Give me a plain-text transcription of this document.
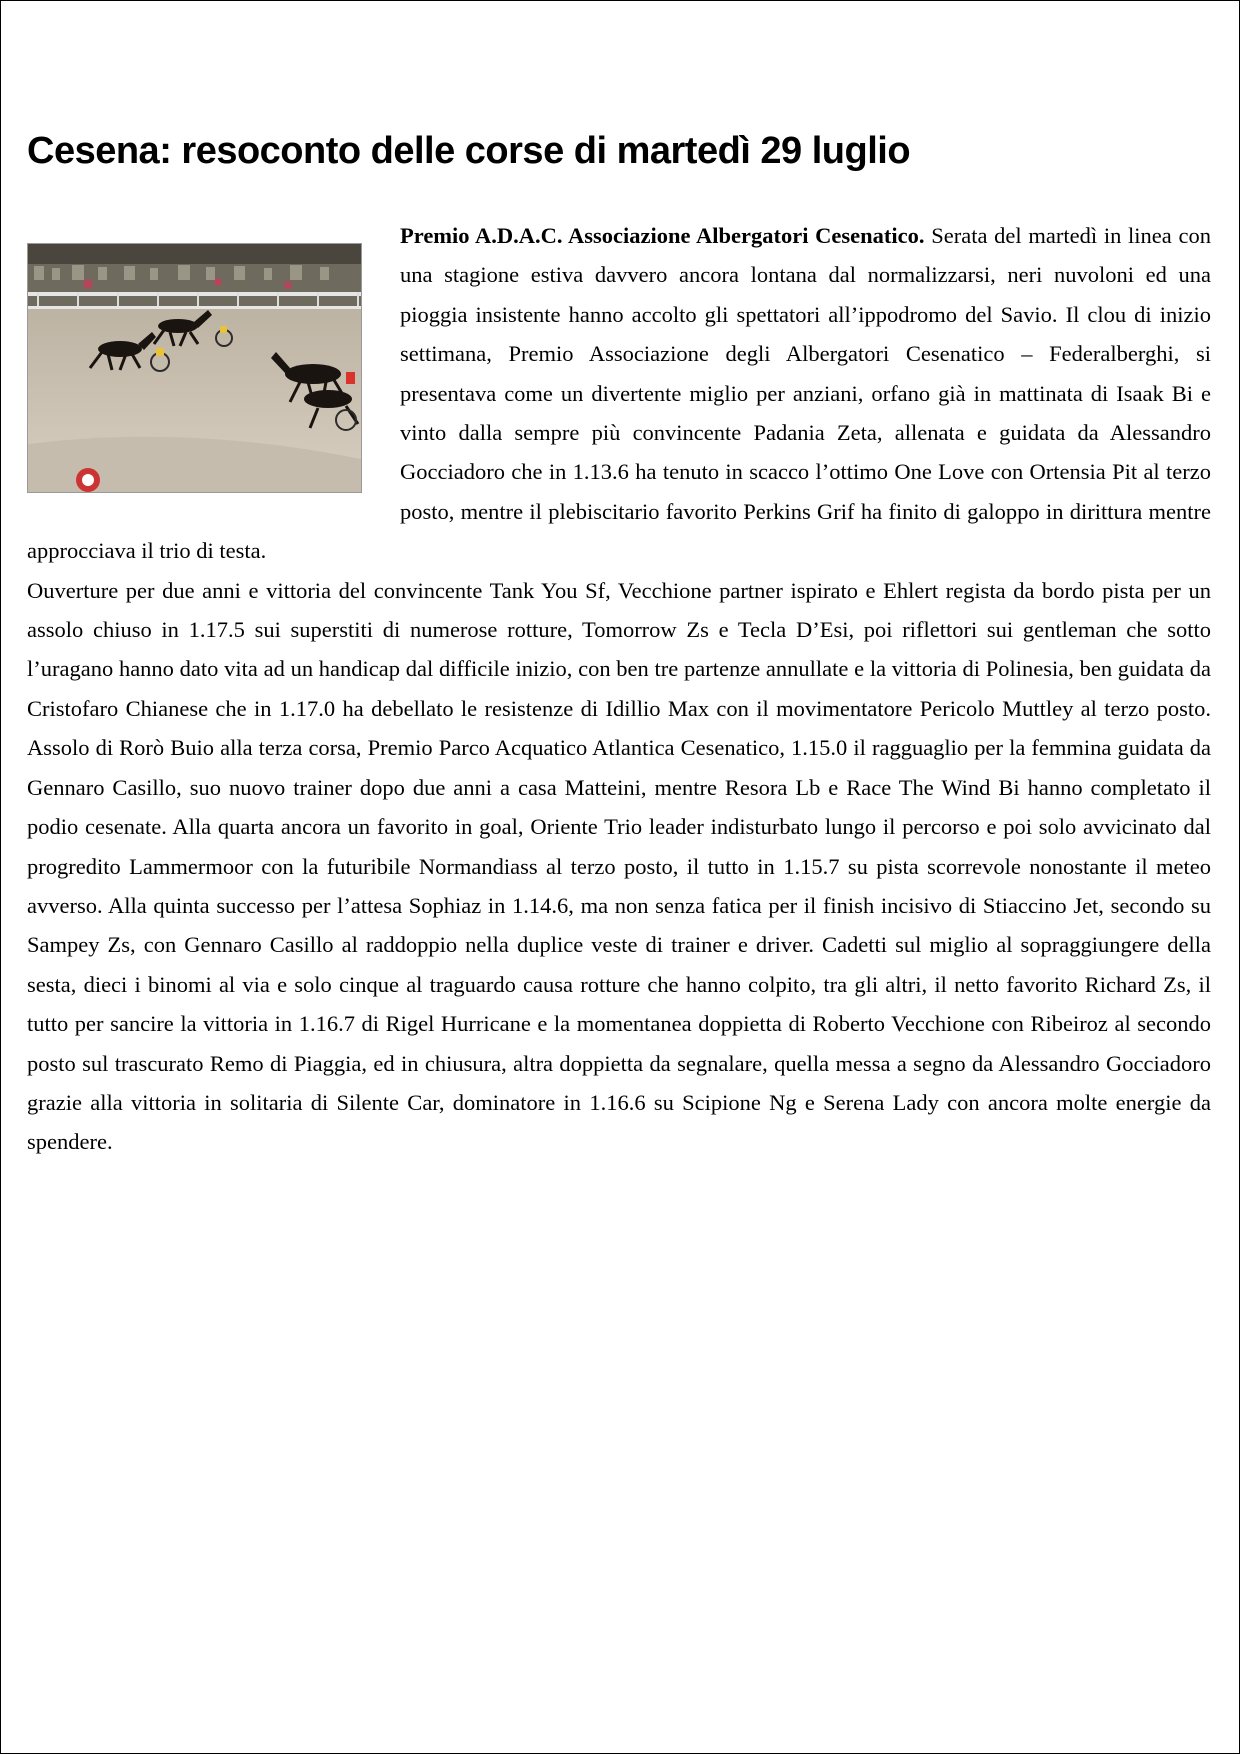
Cesena: resoconto delle corse di martedì 29 luglio

Premio A.D.A.C. Associazione Albergatori Cesenatico. Serata del martedì in linea con una stagione estiva davvero ancora lontana dal normalizzarsi, neri nuvoloni ed una pioggia insistente hanno accolto gli spettatori all’ippodromo del Savio. Il clou di inizio settimana, Premio Associazione degli Albergatori Cesenatico – Federalberghi, si presentava come un divertente miglio per anziani, orfano già in mattinata di Isaak Bi e vinto dalla sempre più convincente Padania Zeta, allenata e guidata da Alessandro Gocciadoro che in 1.13.6 ha tenuto in scacco l’ottimo One Love con Ortensia Pit al terzo posto, mentre il plebiscitario favorito Perkins Grif ha finito di galoppo in dirittura mentre approcciava il trio di testa.

Ouverture per due anni e vittoria del convincente Tank You Sf, Vecchione partner ispirato e Ehlert regista da bordo pista per un assolo chiuso in 1.17.5 sui superstiti di numerose rotture, Tomorrow Zs e Tecla D’Esi, poi riflettori sui gentleman che sotto l’uragano hanno dato vita ad un handicap dal difficile inizio, con ben tre partenze annullate e la vittoria di Polinesia, ben guidata da Cristofaro Chianese che in 1.17.0 ha debellato le resistenze di Idillio Max con il movimentatore Pericolo Muttley al terzo posto. Assolo di Rorò Buio alla terza corsa, Premio Parco Acquatico Atlantica Cesenatico, 1.15.0 il ragguaglio per la femmina guidata da Gennaro Casillo, suo nuovo trainer dopo due anni a casa Matteini, mentre Resora Lb e Race The Wind Bi hanno completato il podio cesenate. Alla quarta ancora un favorito in goal, Oriente Trio leader indisturbato lungo il percorso e poi solo avvicinato dal progredito Lammermoor con la futuribile Normandiass al terzo posto, il tutto in 1.15.7 su pista scorrevole nonostante il meteo avverso. Alla quinta successo per l’attesa Sophiaz in 1.14.6, ma non senza fatica per il finish incisivo di Stiaccino Jet, secondo su Sampey Zs, con Gennaro Casillo al raddoppio nella duplice veste di trainer e driver. Cadetti sul miglio al sopraggiungere della sesta, dieci i binomi al via e solo cinque al traguardo causa rotture che hanno colpito, tra gli altri, il netto favorito Richard Zs, il tutto per sancire la vittoria in 1.16.7 di Rigel Hurricane e la momentanea doppietta di Roberto Vecchione con Ribeiroz al secondo posto sul trascurato Remo di Piaggia, ed in chiusura, altra doppietta da segnalare, quella messa a segno da Alessandro Gocciadoro grazie alla vittoria in solitaria di Silente Car, dominatore in 1.16.6 su Scipione Ng e Serena Lady con ancora molte energie da spendere.
